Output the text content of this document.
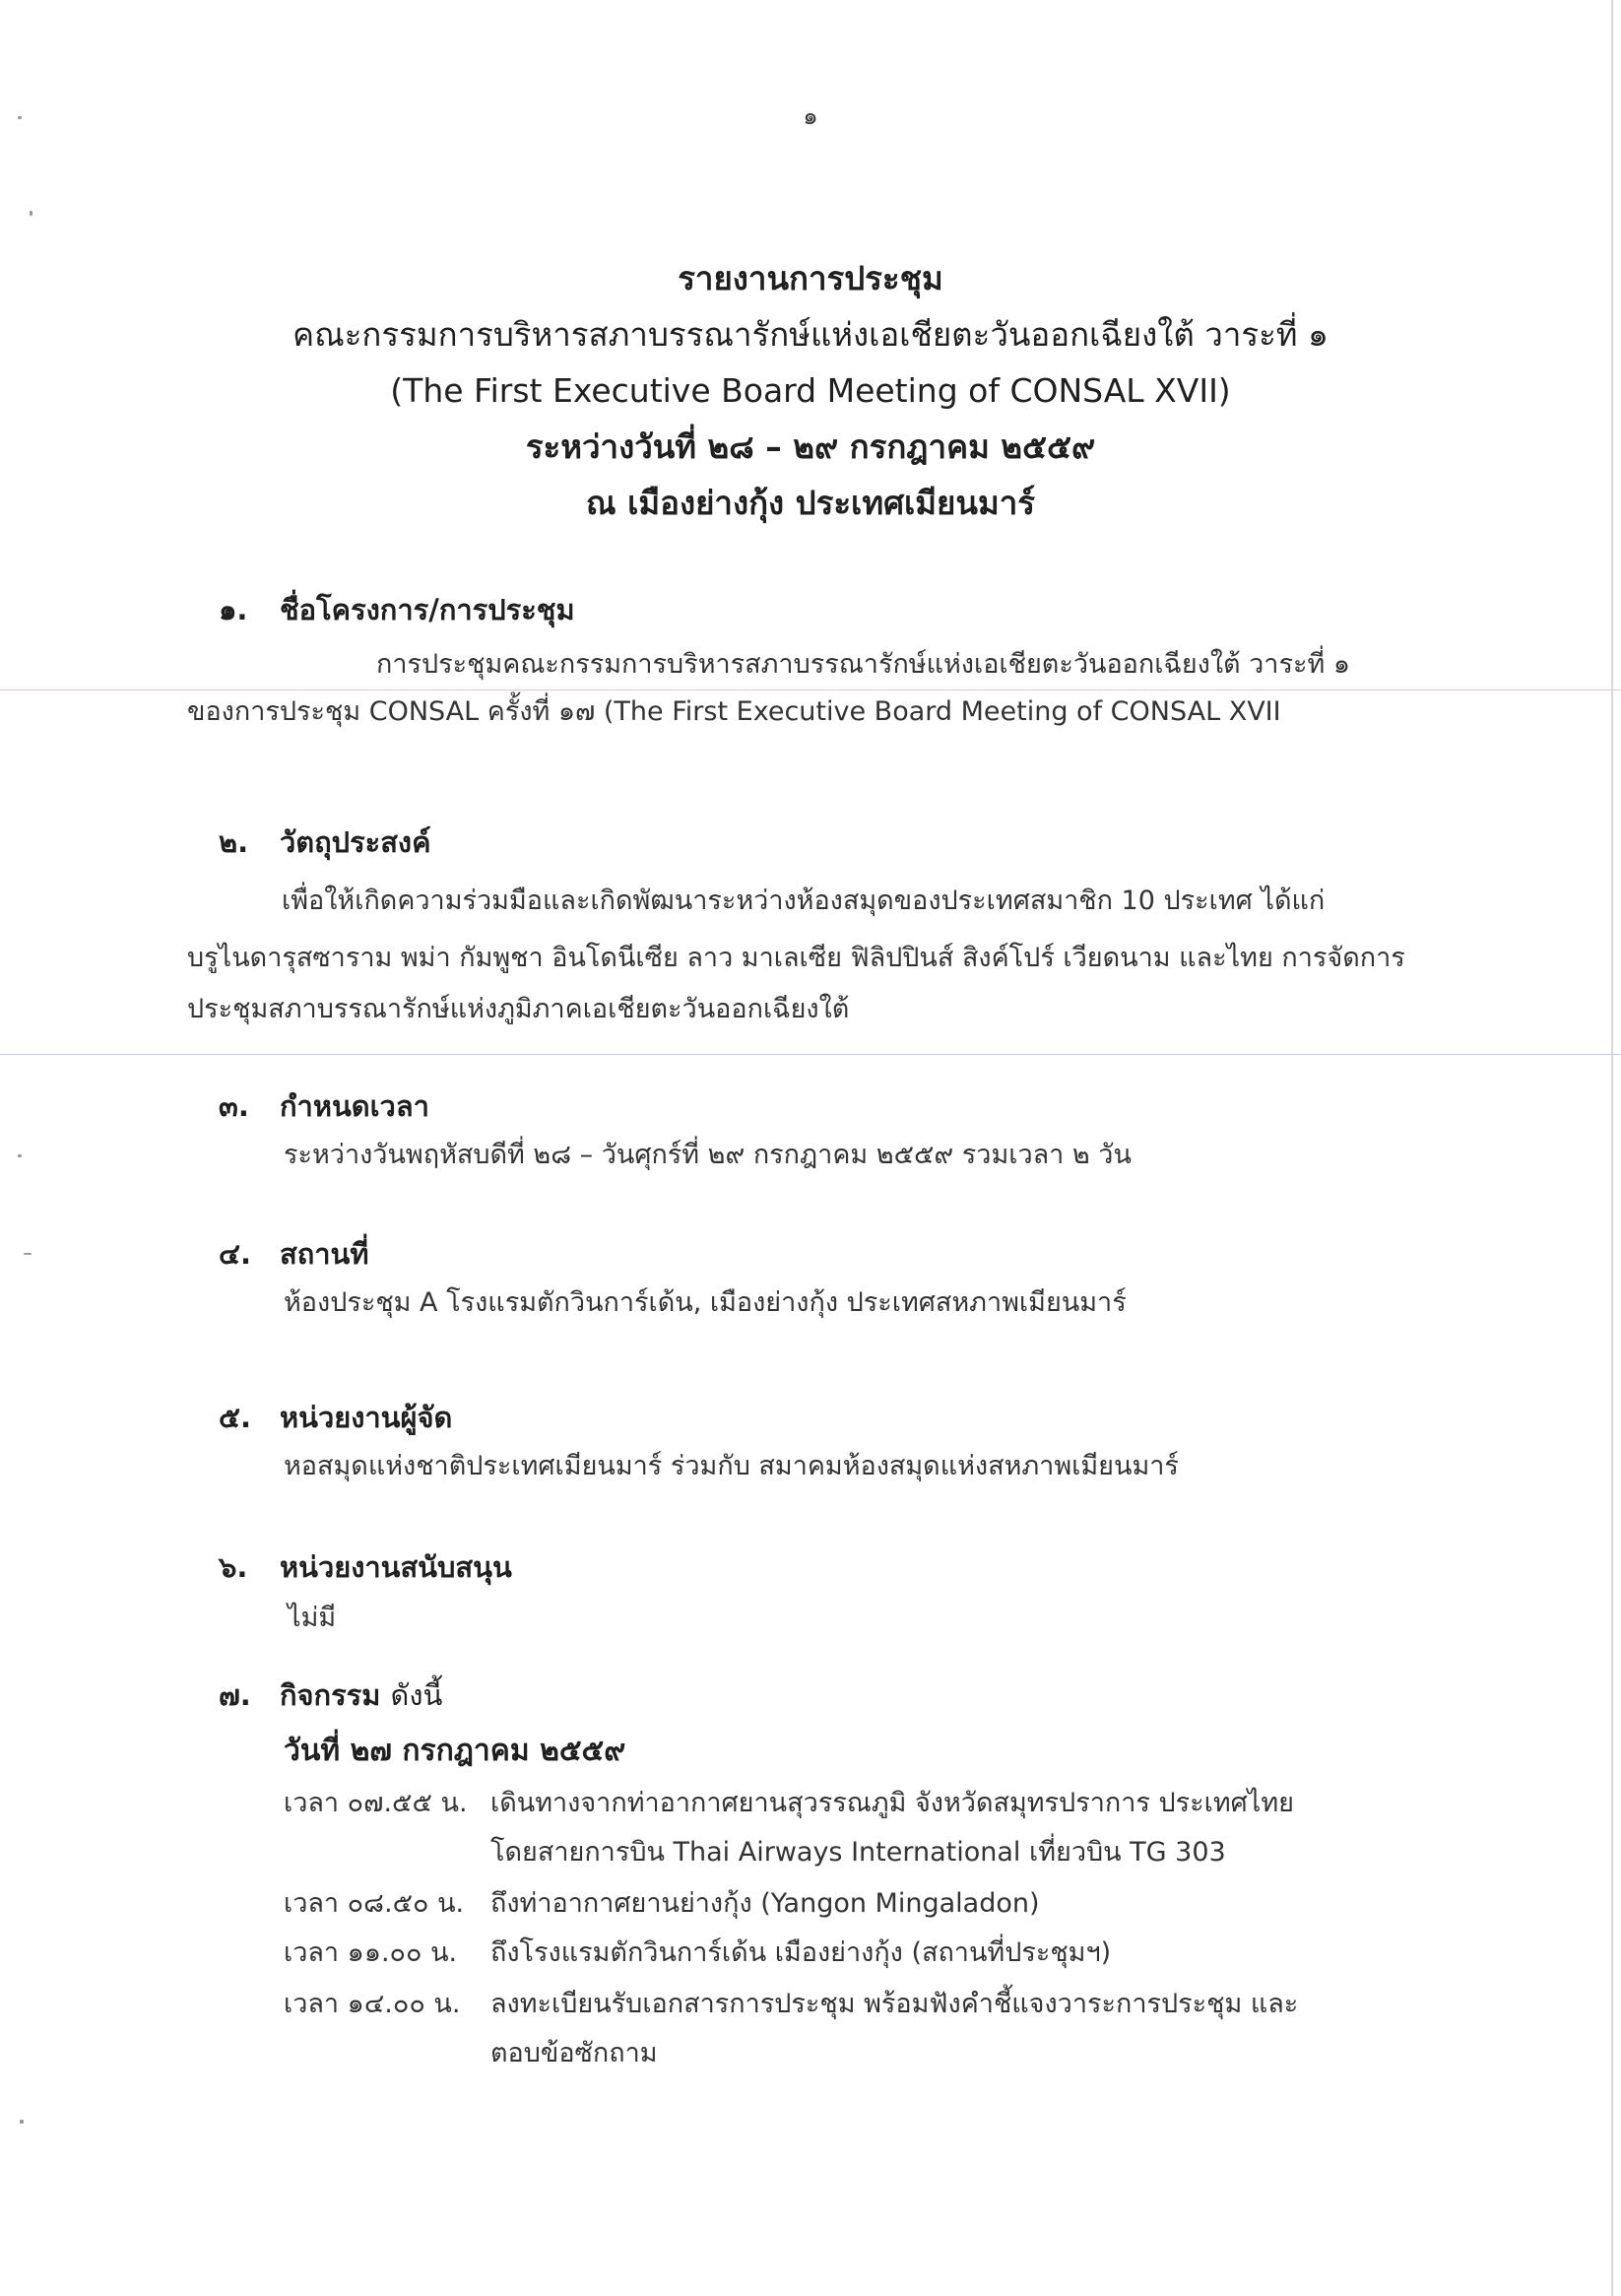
๑
รายงานการประชุม
คณะกรรมการบริหารสภาบรรณารักษ์แห่งเอเชียตะวันออกเฉียงใต้ วาระที่ ๑
(The First Executive Board Meeting of CONSAL XVII)
ระหว่างวันที่ ๒๘ – ๒๙ กรกฎาคม ๒๕๕๙
ณ เมืองย่างกุ้ง ประเทศเมียนมาร์
๑. ชื่อโครงการ/การประชุม
การประชุมคณะกรรมการบริหารสภาบรรณารักษ์แห่งเอเชียตะวันออกเฉียงใต้ วาระที่ ๑
ของการประชุม CONSAL ครั้งที่ ๑๗ (The First Executive Board Meeting of CONSAL XVII
๒. วัตถุประสงค์
เพื่อให้เกิดความร่วมมือและเกิดพัฒนาระหว่างห้องสมุดของประเทศสมาชิก 10 ประเทศ ได้แก่
บรูไนดารุสซาราม พม่า กัมพูชา อินโดนีเซีย ลาว มาเลเซีย ฟิลิปปินส์ สิงค์โปร์ เวียดนาม และไทย การจัดการ
ประชุมสภาบรรณารักษ์แห่งภูมิภาคเอเชียตะวันออกเฉียงใต้
๓. กำหนดเวลา
ระหว่างวันพฤหัสบดีที่ ๒๘ – วันศุกร์ที่ ๒๙ กรกฎาคม ๒๕๕๙ รวมเวลา ๒ วัน
๔. สถานที่
ห้องประชุม A โรงแรมตักวินการ์เด้น, เมืองย่างกุ้ง ประเทศสหภาพเมียนมาร์
๕. หน่วยงานผู้จัด
หอสมุดแห่งชาติประเทศเมียนมาร์ ร่วมกับ สมาคมห้องสมุดแห่งสหภาพเมียนมาร์
๖. หน่วยงานสนับสนุน
ไม่มี
๗. กิจกรรม ดังนี้
วันที่ ๒๗ กรกฎาคม ๒๕๕๙
เวลา ๐๗.๕๕ น. เดินทางจากท่าอากาศยานสุวรรณภูมิ จังหวัดสมุทรปราการ ประเทศไทย
โดยสายการบิน Thai Airways International เที่ยวบิน TG 303
เวลา ๐๘.๕๐ น. ถึงท่าอากาศยานย่างกุ้ง (Yangon Mingaladon)
เวลา ๑๑.๐๐ น. ถึงโรงแรมตักวินการ์เด้น เมืองย่างกุ้ง (สถานที่ประชุมฯ)
เวลา ๑๔.๐๐ น. ลงทะเบียนรับเอกสารการประชุม พร้อมฟังคำชี้แจงวาระการประชุม และ
ตอบข้อซักถาม
